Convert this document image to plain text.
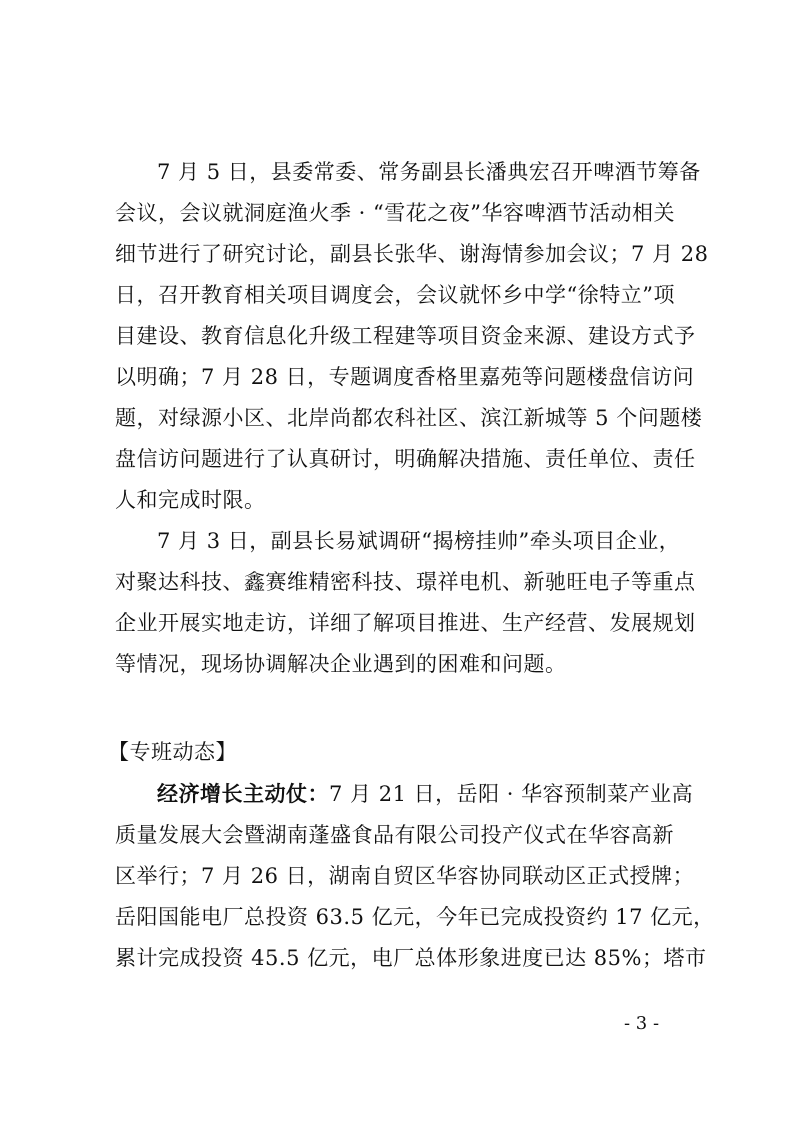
7 月 5 日，县委常委、常务副县长潘典宏召开啤酒节筹备
会议，会议就洞庭渔火季 · “雪花之夜”华容啤酒节活动相关
细节进行了研究讨论，副县长张华、谢海情参加会议；7 月 28
日，召开教育相关项目调度会，会议就怀乡中学“徐特立”项
目建设、教育信息化升级工程建等项目资金来源、建设方式予
以明确；7 月 28 日，专题调度香格里嘉苑等问题楼盘信访问
题，对绿源小区、北岸尚都农科社区、滨江新城等 5 个问题楼
盘信访问题进行了认真研讨，明确解决措施、责任单位、责任
人和完成时限。
7 月 3 日，副县长易斌调研“揭榜挂帅”牵头项目企业，
对聚达科技、鑫赛维精密科技、璟祥电机、新驰旺电子等重点
企业开展实地走访，详细了解项目推进、生产经营、发展规划
等情况，现场协调解决企业遇到的困难和问题。
【专班动态】
经济增长主动仗：7 月 21 日，岳阳 · 华容预制菜产业高
质量发展大会暨湖南蓬盛食品有限公司投产仪式在华容高新
区举行；7 月 26 日，湖南自贸区华容协同联动区正式授牌；
岳阳国能电厂总投资 63.5 亿元，今年已完成投资约 17 亿元，
累计完成投资 45.5 亿元，电厂总体形象进度已达 85%；塔市
- 3 -
